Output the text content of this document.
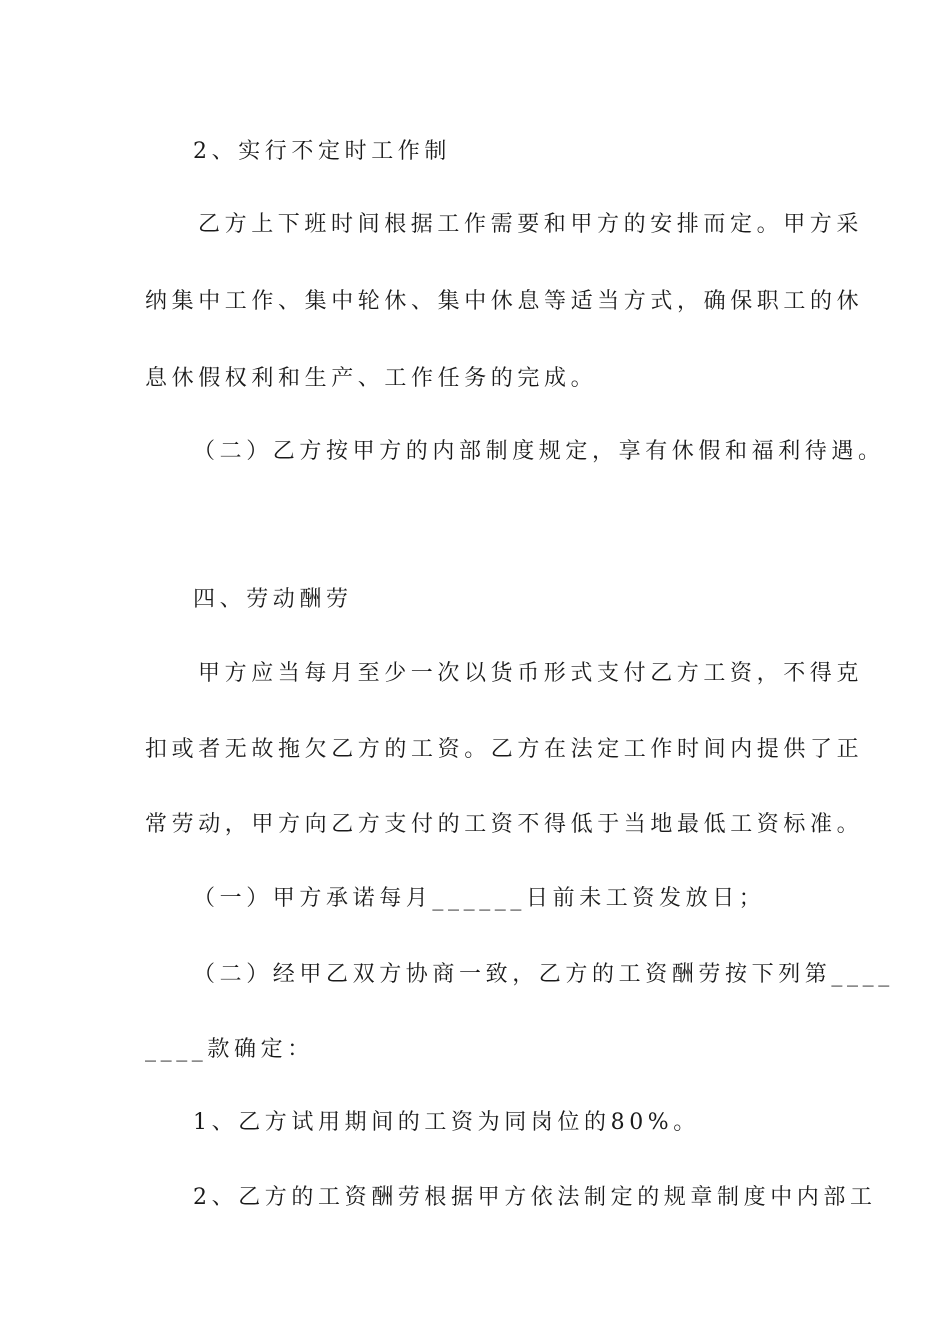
2、实行不定时工作制
乙方上下班时间根据工作需要和甲方的安排而定。甲方采
纳集中工作、集中轮休、集中休息等适当方式，确保职工的休
息休假权利和生产、工作任务的完成。
（二）乙方按甲方的内部制度规定，享有休假和福利待遇。
四、劳动酬劳
甲方应当每月至少一次以货币形式支付乙方工资，不得克
扣或者无故拖欠乙方的工资。乙方在法定工作时间内提供了正
常劳动，甲方向乙方支付的工资不得低于当地最低工资标准。
（一）甲方承诺每月______日前未工资发放日；
（二）经甲乙双方协商一致，乙方的工资酬劳按下列第____
____款确定：
1、乙方试用期间的工资为同岗位的80%。
2、乙方的工资酬劳根据甲方依法制定的规章制度中内部工
